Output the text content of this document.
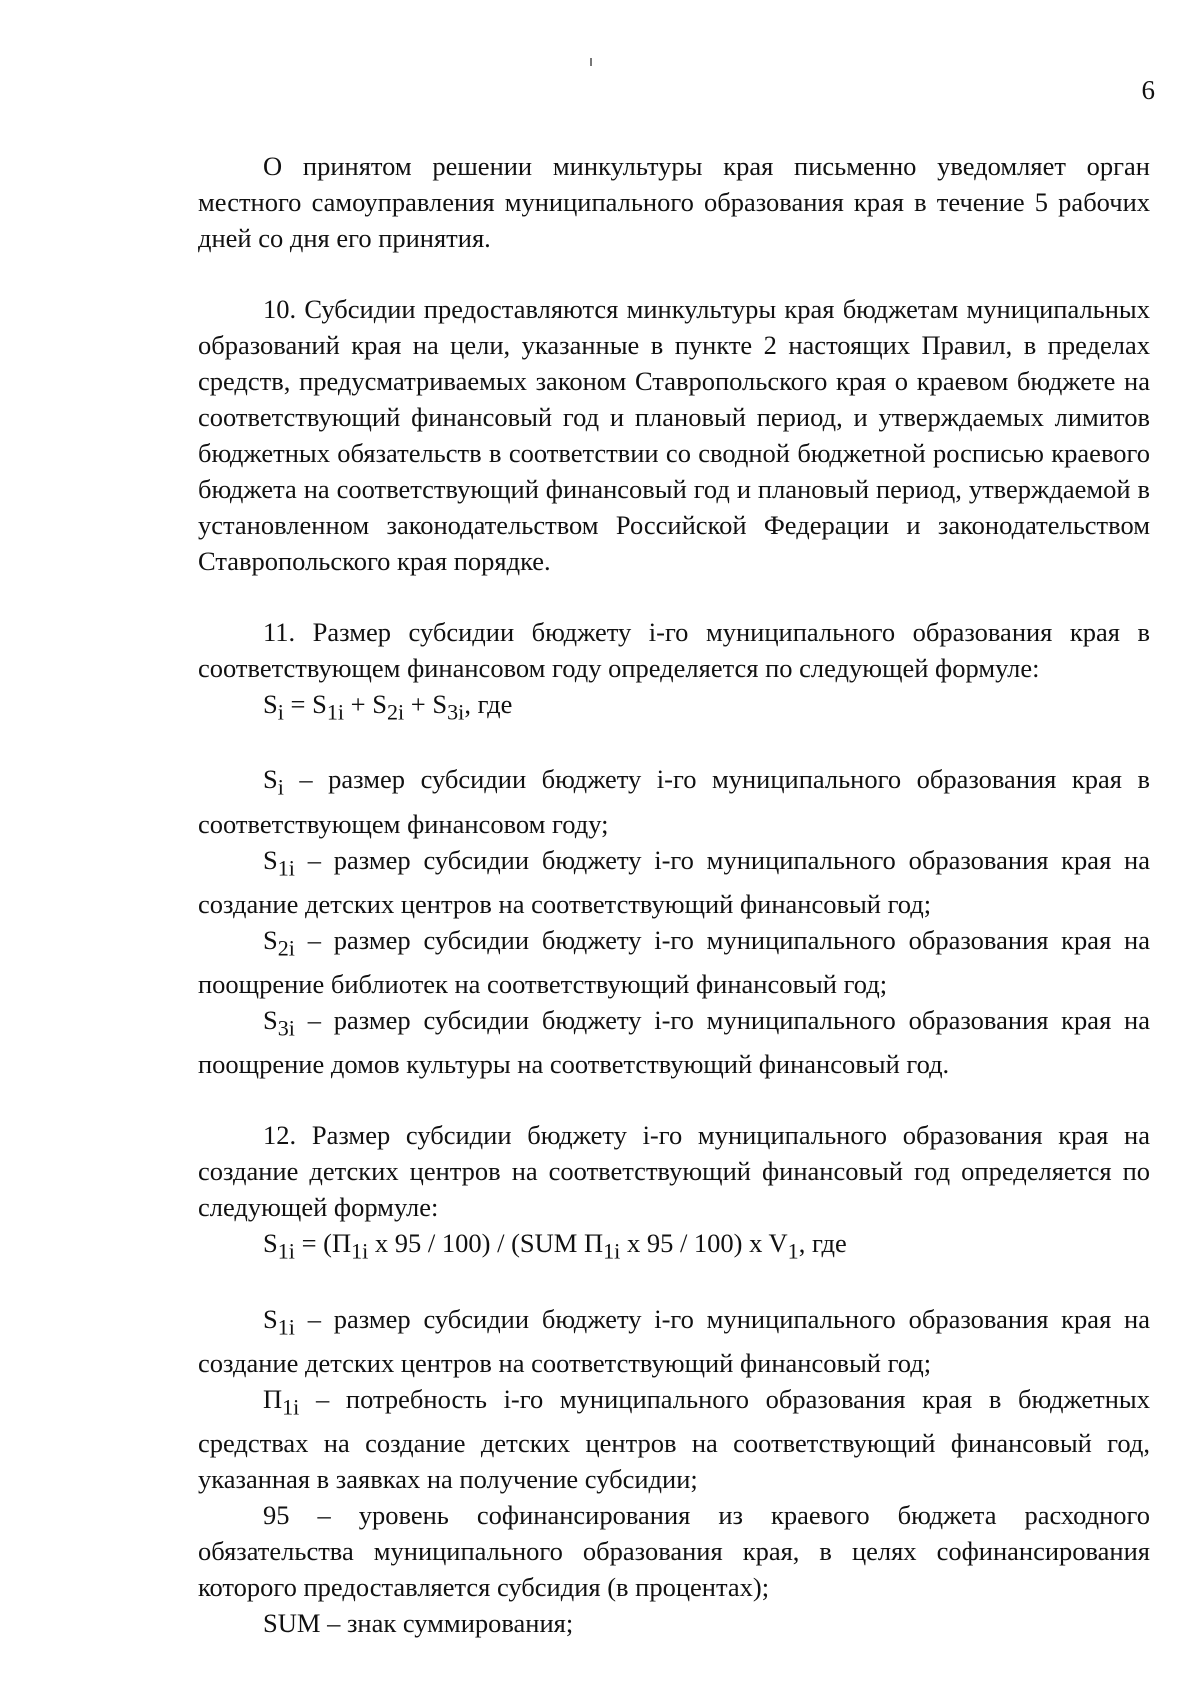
6

О принятом решении минкультуры края письменно уведомляет орган местного самоуправления муниципального образования края в течение 5 рабочих дней со дня его принятия.

10. Субсидии предоставляются минкультуры края бюджетам муниципальных образований края на цели, указанные в пункте 2 настоящих Правил, в пределах средств, предусматриваемых законом Ставропольского края о краевом бюджете на соответствующий финансовый год и плановый период, и утверждаемых лимитов бюджетных обязательств в соответствии со сводной бюджетной росписью краевого бюджета на соответствующий финансовый год и плановый период, утверждаемой в установленном законодательством Российской Федерации и законодательством Ставропольского края порядке.

11. Размер субсидии бюджету i-го муниципального образования края в соответствующем финансовом году определяется по следующей формуле:

$S_i = S_{1i} + S_{2i} + S_{3i}$, где

$S_i$ – размер субсидии бюджету i-го муниципального образования края в соответствующем финансовом году;

$S_{1i}$ – размер субсидии бюджету i-го муниципального образования края на создание детских центров на соответствующий финансовый год;

$S_{2i}$ – размер субсидии бюджету i-го муниципального образования края на поощрение библиотек на соответствующий финансовый год;

$S_{3i}$ – размер субсидии бюджету i-го муниципального образования края на поощрение домов культуры на соответствующий финансовый год.

12. Размер субсидии бюджету i-го муниципального образования края на создание детских центров на соответствующий финансовый год определяется по следующей формуле:

$S_{1i} = (П_{1i}$ x 95 / 100) / (SUM $П_{1i}$ x 95 / 100) x $V_1$, где

$S_{1i}$ – размер субсидии бюджету i-го муниципального образования края на создание детских центров на соответствующий финансовый год;

$П_{1i}$ – потребность i-го муниципального образования края в бюджетных средствах на создание детских центров на соответствующий финансовый год, указанная в заявках на получение субсидии;

95 – уровень софинансирования из краевого бюджета расходного обязательства муниципального образования края, в целях софинансирования которого предоставляется субсидия (в процентах);

SUM – знак суммирования;
